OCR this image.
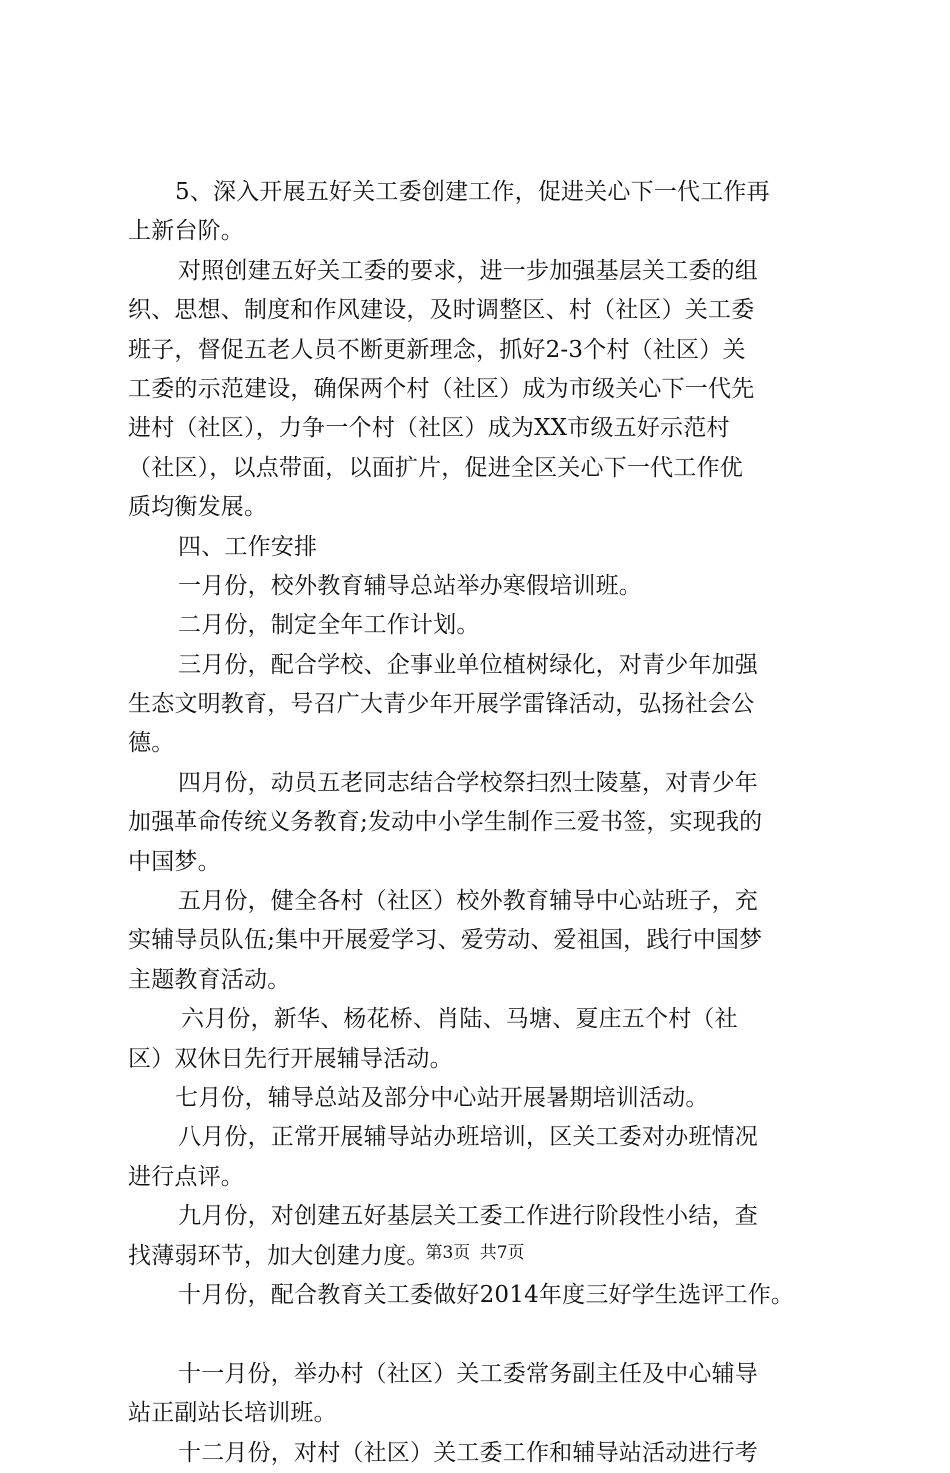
5、深入开展五好关工委创建工作，促进关心下一代工作再
上新台阶。
对照创建五好关工委的要求，进一步加强基层关工委的组
织、思想、制度和作风建设，及时调整区、村（社区）关工委
班子，督促五老人员不断更新理念，抓好2-3个村（社区）关
工委的示范建设，确保两个村（社区）成为市级关心下一代先
进村（社区），力争一个村（社区）成为XX市级五好示范村
（社区），以点带面，以面扩片，促进全区关心下一代工作优
质均衡发展。
四、工作安排
一月份，校外教育辅导总站举办寒假培训班。
二月份，制定全年工作计划。
三月份，配合学校、企事业单位植树绿化，对青少年加强
生态文明教育，号召广大青少年开展学雷锋活动，弘扬社会公
德。
四月份，动员五老同志结合学校祭扫烈士陵墓，对青少年
加强革命传统义务教育;发动中小学生制作三爱书签，实现我的
中国梦。
五月份，健全各村（社区）校外教育辅导中心站班子，充
实辅导员队伍;集中开展爱学习、爱劳动、爱祖国，践行中国梦
主题教育活动。
六月份，新华、杨花桥、肖陆、马塘、夏庄五个村（社
区）双休日先行开展辅导活动。
七月份，辅导总站及部分中心站开展暑期培训活动。
八月份，正常开展辅导站办班培训，区关工委对办班情况
进行点评。
九月份，对创建五好基层关工委工作进行阶段性小结，查
找薄弱环节，加大创建力度。
十月份，配合教育关工委做好2014年度三好学生选评工作。
十一月份，举办村（社区）关工委常务副主任及中心辅导
站正副站长培训班。
十二月份，对村（社区）关工委工作和辅导站活动进行考
第3页 共7页
